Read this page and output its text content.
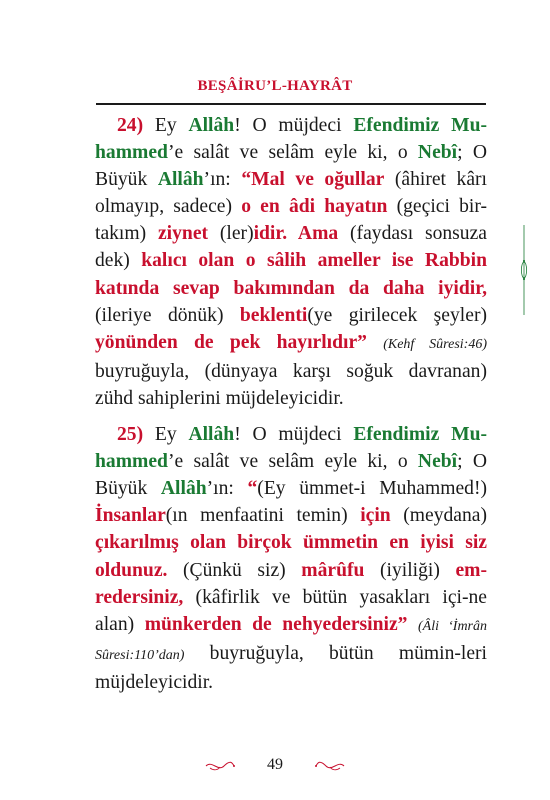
BEŞÂİRU’L-HAYRÂT

24) Ey Allâh! O müjdeci Efendimiz Mu-hammed’e salât ve selâm eyle ki, o Nebî; O Büyük Allâh’ın: “Mal ve oğullar (âhiret kârı olmayıp, sadece) o en âdi hayatın (geçici bir-takım) ziynet (ler)idir. Ama (faydası sonsuza dek) kalıcı olan o sâlih ameller ise Rabbin katında sevap bakımından da daha iyidir, (ileriye dönük) beklenti(ye girilecek şeyler) yönünden de pek hayırlıdır” (Kehf Sûresi:46) buyruğuyla, (dünyaya karşı soğuk davranan) zühd sahiplerini müjdeleyicidir.

25) Ey Allâh! O müjdeci Efendimiz Mu-hammed’e salât ve selâm eyle ki, o Nebî; O Büyük Allâh’ın: “(Ey ümmet-i Muhammed!) İnsanlar(ın menfaatini temin) için (meydana) çıkarılmış olan birçok ümmetin en iyisi siz oldunuz. (Çünkü siz) mârûfu (iyiliği) em-redersiniz, (kâfirlik ve bütün yasakları içi-ne alan) münkerden de nehyedersiniz” (Âli ‘İmrân Sûresi:110’dan) buyruğuyla, bütün mümin-leri müjdeleyicidir.

49
